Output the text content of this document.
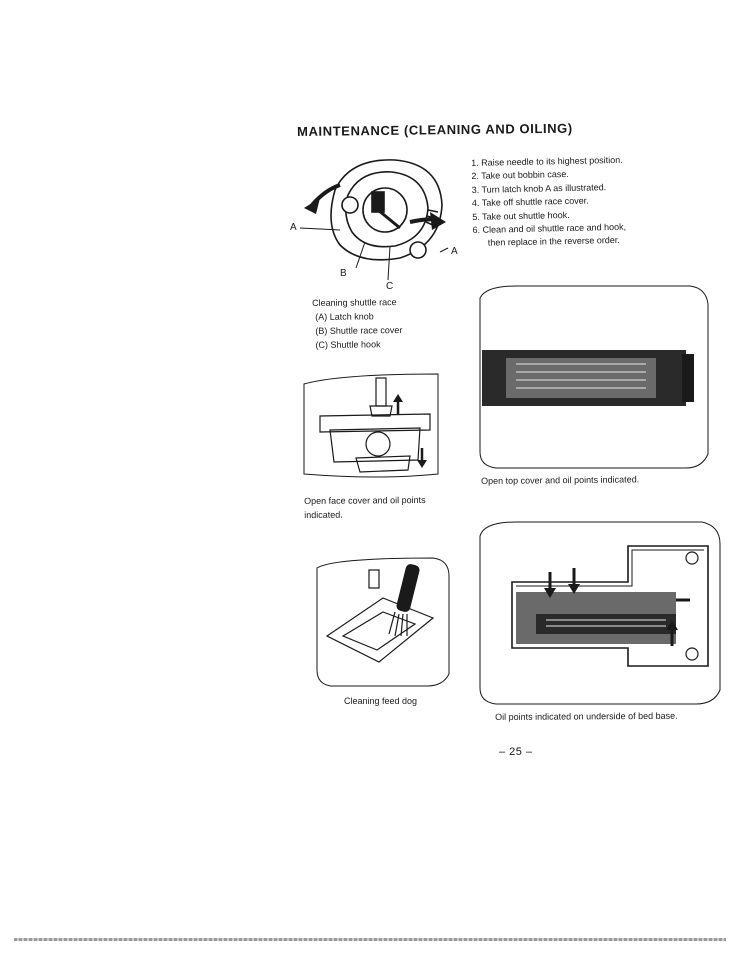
MAINTENANCE (CLEANING AND OILING)
A
A
B
C
1. Raise needle to its highest position.
2. Take out bobbin case.
3. Turn latch knob A as illustrated.
4. Take off shuttle race cover.
5. Take out shuttle hook.
6. Clean and oil shuttle race and hook,
then replace in the reverse order.
Cleaning shuttle race
(A) Latch knob
(B) Shuttle race cover
(C) Shuttle hook
Open face cover and oil points
indicated.
Open top cover and oil points indicated.
Cleaning feed dog
Oil points indicated on underside of bed base.
– 25 –
